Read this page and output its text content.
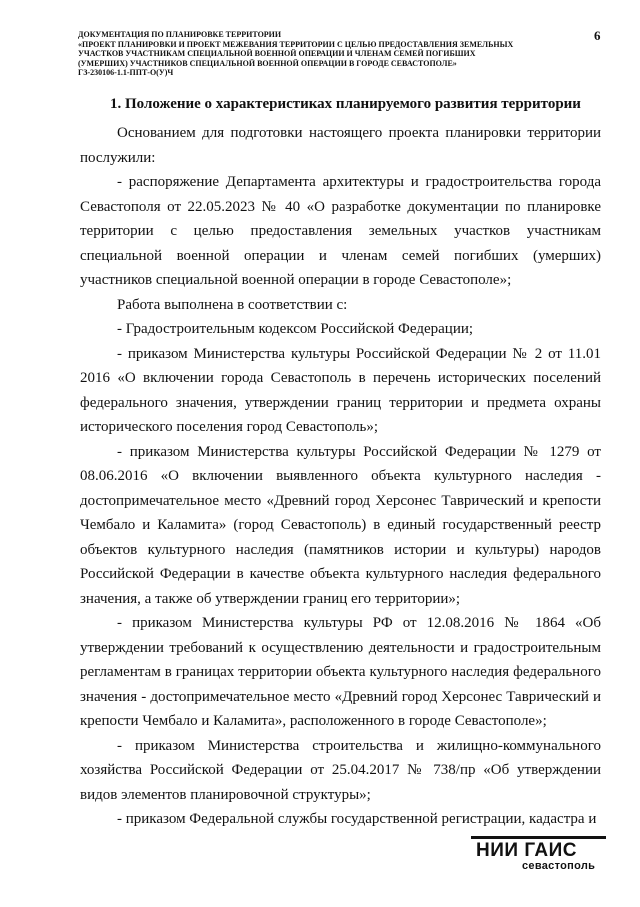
ДОКУМЕНТАЦИЯ ПО ПЛАНИРОВКЕ ТЕРРИТОРИИ
«ПРОЕКТ ПЛАНИРОВКИ И ПРОЕКТ МЕЖЕВАНИЯ ТЕРРИТОРИИ С ЦЕЛЬЮ ПРЕДОСТАВЛЕНИЯ ЗЕМЕЛЬНЫХ
УЧАСТКОВ УЧАСТНИКАМ СПЕЦИАЛЬНОЙ ВОЕННОЙ ОПЕРАЦИИ И ЧЛЕНАМ СЕМЕЙ ПОГИБШИХ
(УМЕРШИХ) УЧАСТНИКОВ СПЕЦИАЛЬНОЙ ВОЕННОЙ ОПЕРАЦИИ В ГОРОДЕ СЕВАСТОПОЛЕ»
ГЗ-230106-1.1-ППТ-О(У)Ч
6
1. Положение о характеристиках планируемого развития территории

Основанием для подготовки настоящего проекта планировки территории послужили:

- распоряжение Департамента архитектуры и градостроительства города Севастополя от 22.05.2023 № 40 «О разработке документации по планировке территории с целью предоставления земельных участков участникам специальной военной операции и членам семей погибших (умерших) участников специальной военной операции в городе Севастополе»;

Работа выполнена в соответствии с:

- Градостроительным кодексом Российской Федерации;

- приказом Министерства культуры Российской Федерации № 2 от 11.01 2016 «О включении города Севастополь в перечень исторических поселений федерального значения, утверждении границ территории и предмета охраны исторического поселения город Севастополь»;

- приказом Министерства культуры Российской Федерации № 1279 от 08.06.2016 «О включении выявленного объекта культурного наследия - достопримечательное место «Древний город Херсонес Таврический и крепости Чембало и Каламита» (город Севастополь) в единый государственный реестр объектов культурного наследия (памятников истории и культуры) народов Российской Федерации в качестве объекта культурного наследия федерального значения, а также об утверждении границ его территории»;

- приказом Министерства культуры РФ от 12.08.2016 № 1864 «Об утверждении требований к осуществлению деятельности и градостроительным регламентам в границах территории объекта культурного наследия федерального значения - достопримечательное место «Древний город Херсонес Таврический и крепости Чембало и Каламита», расположенного в городе Севастополе»;

- приказом Министерства строительства и жилищно-коммунального хозяйства Российской Федерации от 25.04.2017 № 738/пр «Об утверждении видов элементов планировочной структуры»;

- приказом Федеральной службы государственной регистрации, кадастра и

НИИ ГАИС
севастополь
